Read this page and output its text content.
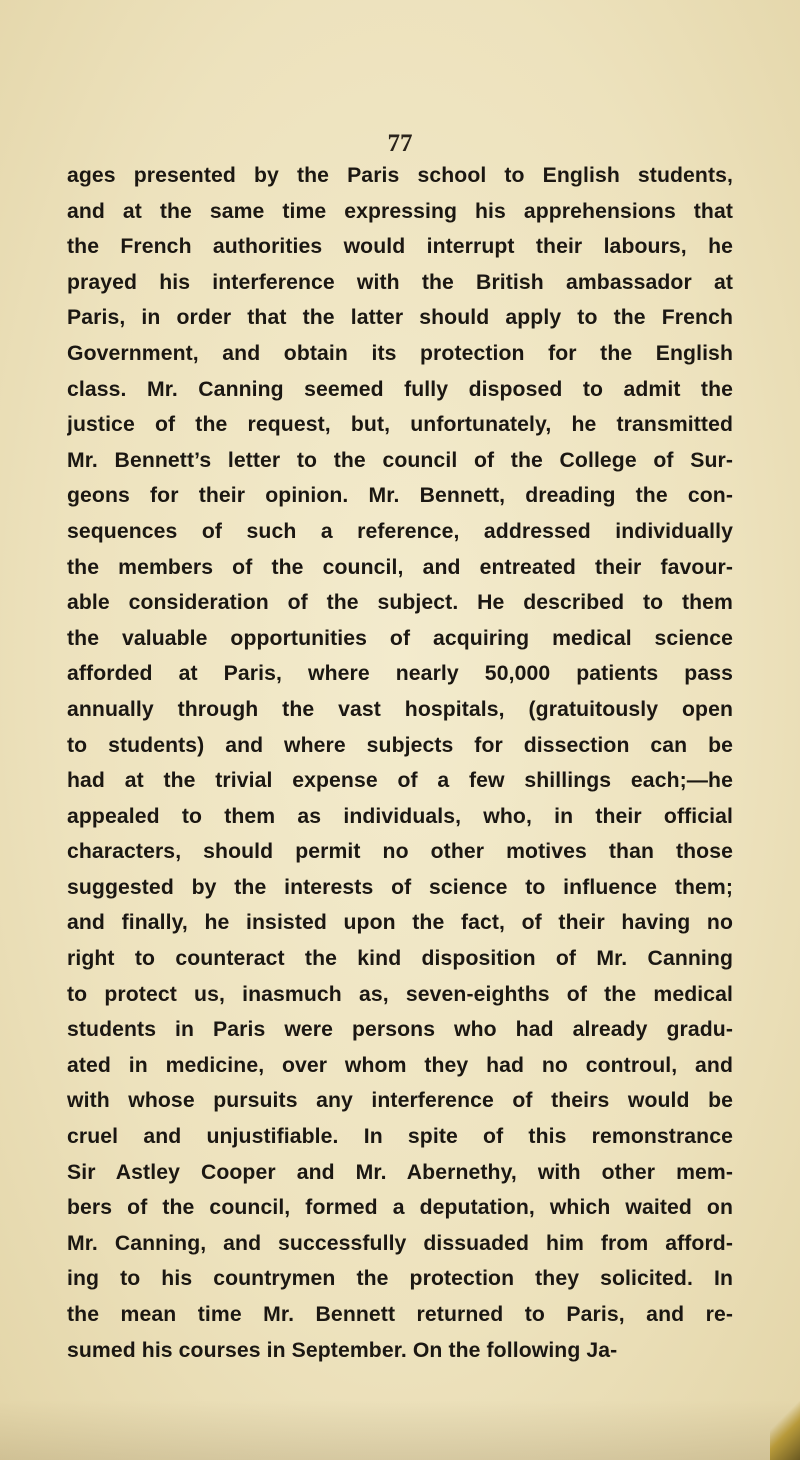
77
ages presented by the Paris school to English students,
and at the same time expressing his apprehensions that
the French authorities would interrupt their labours, he
prayed his interference with the British ambassador at
Paris, in order that the latter should apply to the French
Government, and obtain its protection for the English
class. Mr. Canning seemed fully disposed to admit the
justice of the request, but, unfortunately, he transmitted
Mr. Bennett’s letter to the council of the College of Sur-
geons for their opinion. Mr. Bennett, dreading the con-
sequences of such a reference, addressed individually
the members of the council, and entreated their favour-
able consideration of the subject. He described to them
the valuable opportunities of acquiring medical science
afforded at Paris, where nearly 50,000 patients pass
annually through the vast hospitals, (gratuitously open
to students) and where subjects for dissection can be
had at the trivial expense of a few shillings each;—he
appealed to them as individuals, who, in their official
characters, should permit no other motives than those
suggested by the interests of science to influence them;
and finally, he insisted upon the fact, of their having no
right to counteract the kind disposition of Mr. Canning
to protect us, inasmuch as, seven-eighths of the medical
students in Paris were persons who had already gradu-
ated in medicine, over whom they had no controul, and
with whose pursuits any interference of theirs would be
cruel and unjustifiable. In spite of this remonstrance
Sir Astley Cooper and Mr. Abernethy, with other mem-
bers of the council, formed a deputation, which waited on
Mr. Canning, and successfully dissuaded him from afford-
ing to his countrymen the protection they solicited. In
the mean time Mr. Bennett returned to Paris, and re-
sumed his courses in September. On the following Ja-
